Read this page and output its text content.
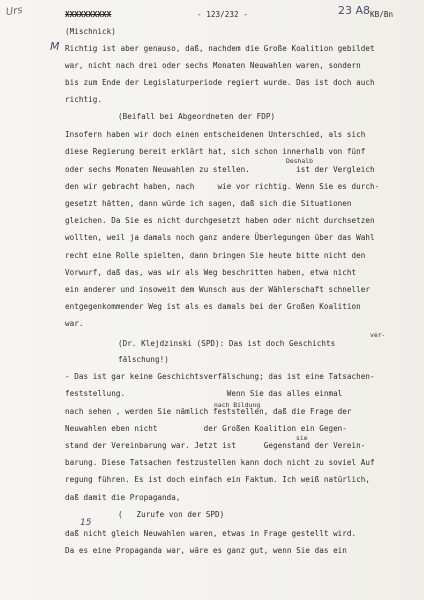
Urs	XXXXXXXXXX	- 123/232 -	23 A8 KB/Bn
(Mischnick)
M Richtig ist aber genauso, daß, nachdem die Große Koalition gebildet
war, nicht nach drei oder sechs Monaten Neuwahlen waren, sondern
bis zum Ende der Legislaturperiode regiert wurde. Das ist doch auch
richtig.
(Beifall bei Abgeordneten der FDP)
Insofern haben wir doch einen entscheidenen Unterschied, als sich
diese Regierung bereit erklärt hat, sich schon innerhalb von fünf
Deshalb
oder sechs Monaten Neuwahlen zu stellen.          ist der Vergleich
den wir gebracht haben, nach     wie vor richtig. Wenn Sie es durch-
gesetzt hätten, dann würde ich sagen, daß sich die Situationen
gleichen. Da Sie es nicht durchgesetzt haben oder nicht durchsetzen
wollten, weil ja damals noch ganz andere Überlegungen über das Wahl
recht eine Rolle spielten, dann bringen Sie heute bitte nicht den
Vorwurf, daß das, was wir als Weg beschritten haben, etwa nicht
ein anderer und insoweit dem Wunsch aus der Wählerschaft schneller
entgegenkommender Weg ist als es damals bei der Großen Koalition
war.
ver-
(Dr. Klejdzinski (SPD): Das ist doch Geschichts
fälschung!)
- Das ist gar keine Geschichtsverfälschung; das ist eine Tatsachen-
feststellung.                      Wenn Sie das alles einmal
nach Bildung
nach sehen , werden Sie nämlich feststellen, daß die Frage der
Neuwahlen eben nicht          der Großen Koalition ein Gegen-
sie
stand der Vereinbarung war. Jetzt ist      Gegenstand der Verein-
barung. Diese Tatsachen festzustellen kann doch nicht zu soviel Auf
regung führen. Es ist doch einfach ein Faktum. Ich weiß natürlich,
daß damit die Propaganda,
(   Zurufe von der SPD)
15
daß nicht gleich Neuwahlen waren, etwas in Frage gestellt wird.
Da es eine Propaganda war, wäre es ganz gut, wenn Sie das ein
